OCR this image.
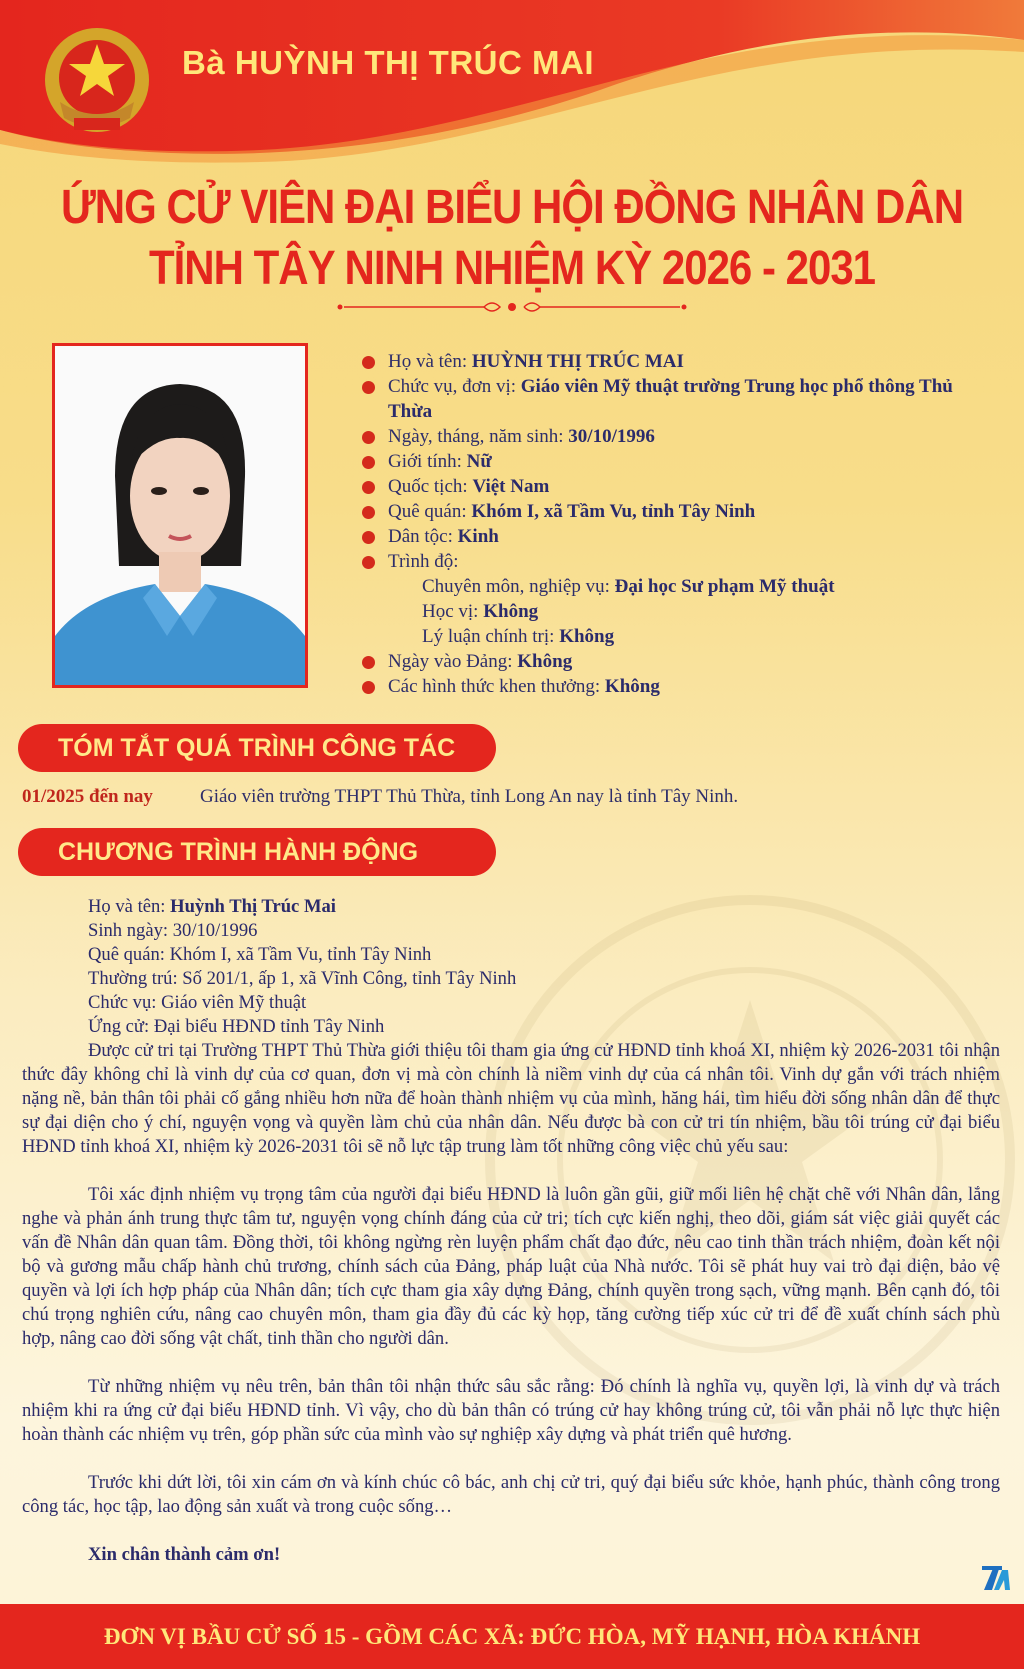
Bà HUỲNH THỊ TRÚC MAI
ỨNG CỬ VIÊN ĐẠI BIỂU HỘI ĐỒNG NHÂN DÂN
TỈNH TÂY NINH NHIỆM KỲ 2026 - 2031
Họ và tên: HUỲNH THỊ TRÚC MAI
Chức vụ, đơn vị: Giáo viên Mỹ thuật trường Trung học phổ thông Thủ Thừa
Ngày, tháng, năm sinh: 30/10/1996
Giới tính: Nữ
Quốc tịch: Việt Nam
Quê quán: Khóm I, xã Tầm Vu, tỉnh Tây Ninh
Dân tộc: Kinh
Trình độ:
Chuyên môn, nghiệp vụ: Đại học Sư phạm Mỹ thuật
Học vị: Không
Lý luận chính trị: Không
Ngày vào Đảng: Không
Các hình thức khen thưởng: Không
TÓM TẮT QUÁ TRÌNH CÔNG TÁC
01/2025 đến nay Giáo viên trường THPT Thủ Thừa, tỉnh Long An nay là tỉnh Tây Ninh.
CHƯƠNG TRÌNH HÀNH ĐỘNG
Họ và tên: Huỳnh Thị Trúc Mai
Sinh ngày: 30/10/1996
Quê quán: Khóm I, xã Tầm Vu, tỉnh Tây Ninh
Thường trú: Số 201/1, ấp 1, xã Vĩnh Công, tỉnh Tây Ninh
Chức vụ: Giáo viên Mỹ thuật
Ứng cử: Đại biểu HĐND tỉnh Tây Ninh

Được cử tri tại Trường THPT Thủ Thừa giới thiệu tôi tham gia ứng cử HĐND tỉnh khoá XI, nhiệm kỳ 2026-2031 tôi nhận thức đây không chỉ là vinh dự của cơ quan, đơn vị mà còn chính là niềm vinh dự của cá nhân tôi. Vinh dự gắn với trách nhiệm nặng nề, bản thân tôi phải cố gắng nhiều hơn nữa để hoàn thành nhiệm vụ của mình, hăng hái, tìm hiểu đời sống nhân dân để thực sự đại diện cho ý chí, nguyện vọng và quyền làm chủ của nhân dân. Nếu được bà con cử tri tín nhiệm, bầu tôi trúng cử đại biểu HĐND tỉnh khoá XI, nhiệm kỳ 2026-2031 tôi sẽ nỗ lực tập trung làm tốt những công việc chủ yếu sau:

Tôi xác định nhiệm vụ trọng tâm của người đại biểu HĐND là luôn gần gũi, giữ mối liên hệ chặt chẽ với Nhân dân, lắng nghe và phản ánh trung thực tâm tư, nguyện vọng chính đáng của cử tri; tích cực kiến nghị, theo dõi, giám sát việc giải quyết các vấn đề Nhân dân quan tâm. Đồng thời, tôi không ngừng rèn luyện phẩm chất đạo đức, nêu cao tinh thần trách nhiệm, đoàn kết nội bộ và gương mẫu chấp hành chủ trương, chính sách của Đảng, pháp luật của Nhà nước. Tôi sẽ phát huy vai trò đại diện, bảo vệ quyền và lợi ích hợp pháp của Nhân dân; tích cực tham gia xây dựng Đảng, chính quyền trong sạch, vững mạnh. Bên cạnh đó, tôi chú trọng nghiên cứu, nâng cao chuyên môn, tham gia đầy đủ các kỳ họp, tăng cường tiếp xúc cử tri để đề xuất chính sách phù hợp, nâng cao đời sống vật chất, tinh thần cho người dân.

Từ những nhiệm vụ nêu trên, bản thân tôi nhận thức sâu sắc rằng: Đó chính là nghĩa vụ, quyền lợi, là vinh dự và trách nhiệm khi ra ứng cử đại biểu HĐND tỉnh. Vì vậy, cho dù bản thân có trúng cử hay không trúng cử, tôi vẫn phải nỗ lực thực hiện hoàn thành các nhiệm vụ trên, góp phần sức của mình vào sự nghiệp xây dựng và phát triển quê hương.

Trước khi dứt lời, tôi xin cám ơn và kính chúc cô bác, anh chị cử tri, quý đại biểu sức khỏe, hạnh phúc, thành công trong công tác, học tập, lao động sản xuất và trong cuộc sống…

Xin chân thành cảm ơn!

ĐƠN VỊ BẦU CỬ SỐ 15 - GỒM CÁC XÃ: ĐỨC HÒA, MỸ HẠNH, HÒA KHÁNH
